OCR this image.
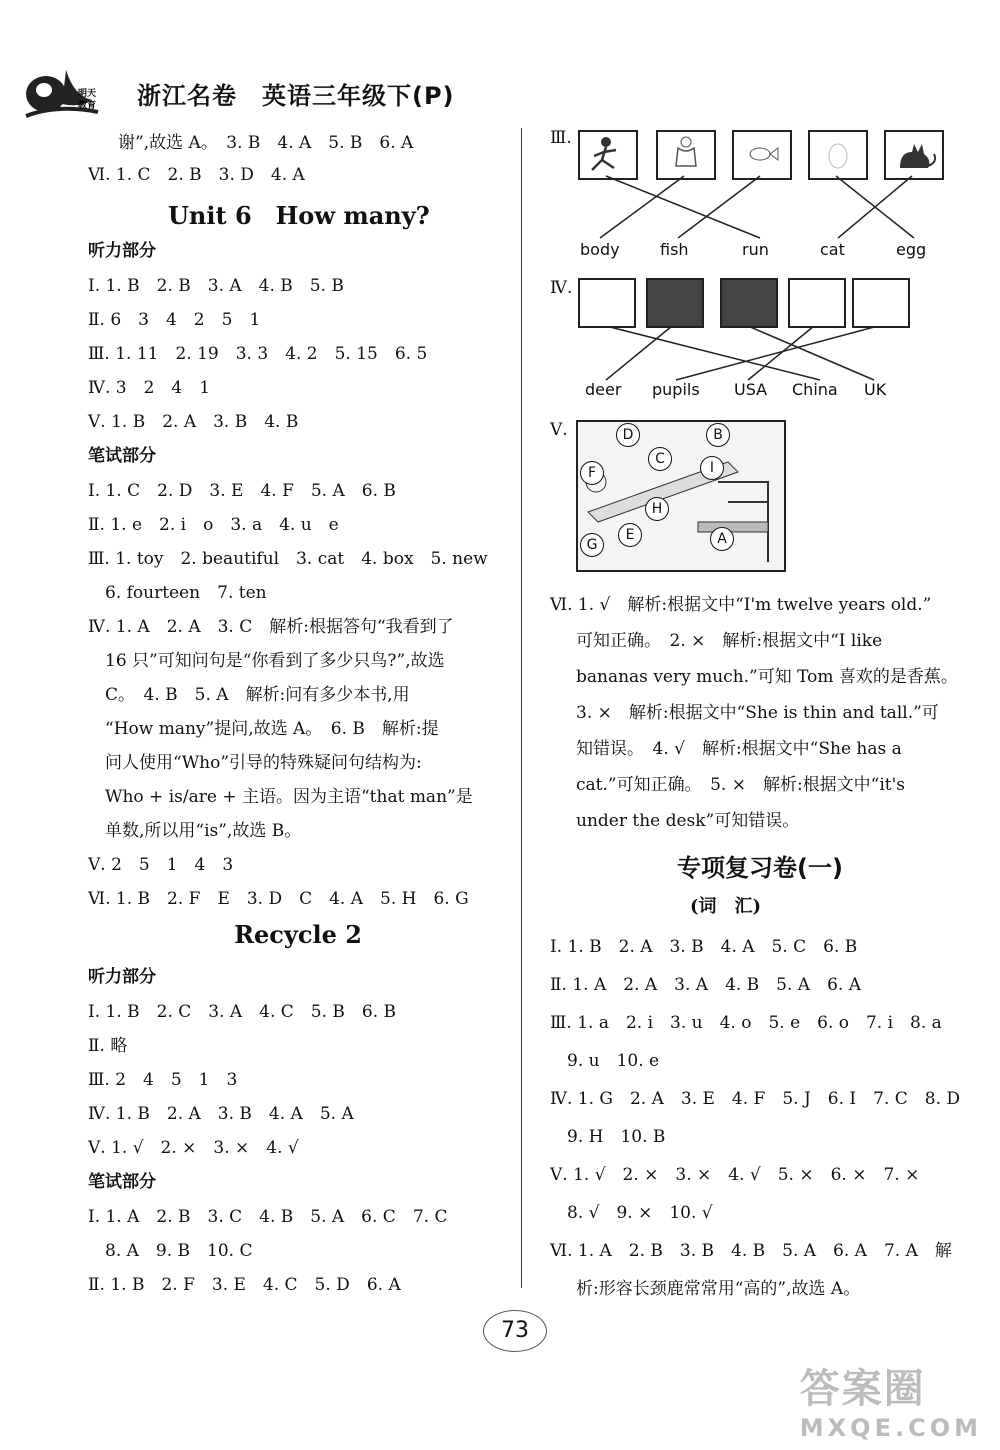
明天
教育 浙江名卷　英语三年级下(P)
谢”,故选 A。　3. B　4. A　5. B　6. A
Ⅵ. 1. C　2. B　3. D　4. A
Unit 6　How many?
听力部分
Ⅰ. 1. B　2. B　3. A　4. B　5. B
Ⅱ. 6　3　4　2　5　1
Ⅲ. 1. 11　2. 19　3. 3　4. 2　5. 15　6. 5
Ⅳ. 3　2　4　1
Ⅴ. 1. B　2. A　3. B　4. B
笔试部分
Ⅰ. 1. C　2. D　3. E　4. F　5. A　6. B
Ⅱ. 1. e　2. i　o　3. a　4. u　e
Ⅲ. 1. toy　2. beautiful　3. cat　4. box　5. new
　6. fourteen　7. ten
Ⅳ. 1. A　2. A　3. C　解析:根据答句“我看到了
　16 只”可知问句是“你看到了多少只鸟?”,故选
　C。　4. B　5. A　解析:问有多少本书,用
　“How many”提问,故选 A。　6. B　解析:提
　问人使用“Who”引导的特殊疑问句结构为:
　Who + is/are + 主语。因为主语“that man”是
　单数,所以用“is”,故选 B。
Ⅴ. 2　5　1　4　3
Ⅵ. 1. B　2. F　E　3. D　C　4. A　5. H　6. G
Recycle 2
听力部分
Ⅰ. 1. B　2. C　3. A　4. C　5. B　6. B
Ⅱ. 略
Ⅲ. 2　4　5　1　3
Ⅳ. 1. B　2. A　3. B　4. A　5. A
Ⅴ. 1. √　2. ×　3. ×　4. √
笔试部分
Ⅰ. 1. A　2. B　3. C　4. B　5. A　6. C　7. C
　8. A　9. B　10. C
Ⅱ. 1. B　2. F　3. E　4. C　5. D　6. A
Ⅲ.
body	fish	run	cat	egg
Ⅳ.
deer pupils USA China UK
Ⅴ.	D	B
C
E
F	I
H
A
G
Ⅵ. 1. √　解析:根据文中“I'm twelve years old.”
可知正确。　2. ×　解析:根据文中“I like
bananas very much.”可知 Tom 喜欢的是香蕉。
3. ×　解析:根据文中“She is thin and tall.”可
知错误。　4. √　解析:根据文中“She has a
cat.”可知正确。　5. ×　解析:根据文中“it's
under the desk”可知错误。
专项复习卷(一)
(词　汇)
Ⅰ. 1. B　2. A　3. B　4. A　5. C　6. B
Ⅱ. 1. A　2. A　3. A　4. B　5. A　6. A
Ⅲ. 1. a　2. i　3. u　4. o　5. e　6. o　7. i　8. a
　9. u　10. e
Ⅳ. 1. G　2. A　3. E　4. F　5. J　6. I　7. C　8. D
　9. H　10. B
Ⅴ. 1. √　2. ×　3. ×　4. √　5. ×　6. ×　7. ×
　8. √　9. ×　10. √
Ⅵ. 1. A　2. B　3. B　4. B　5. A　6. A　7. A　解
析:形容长颈鹿常常用“高的”,故选 A。
73
答案圈
MXQE.COM
